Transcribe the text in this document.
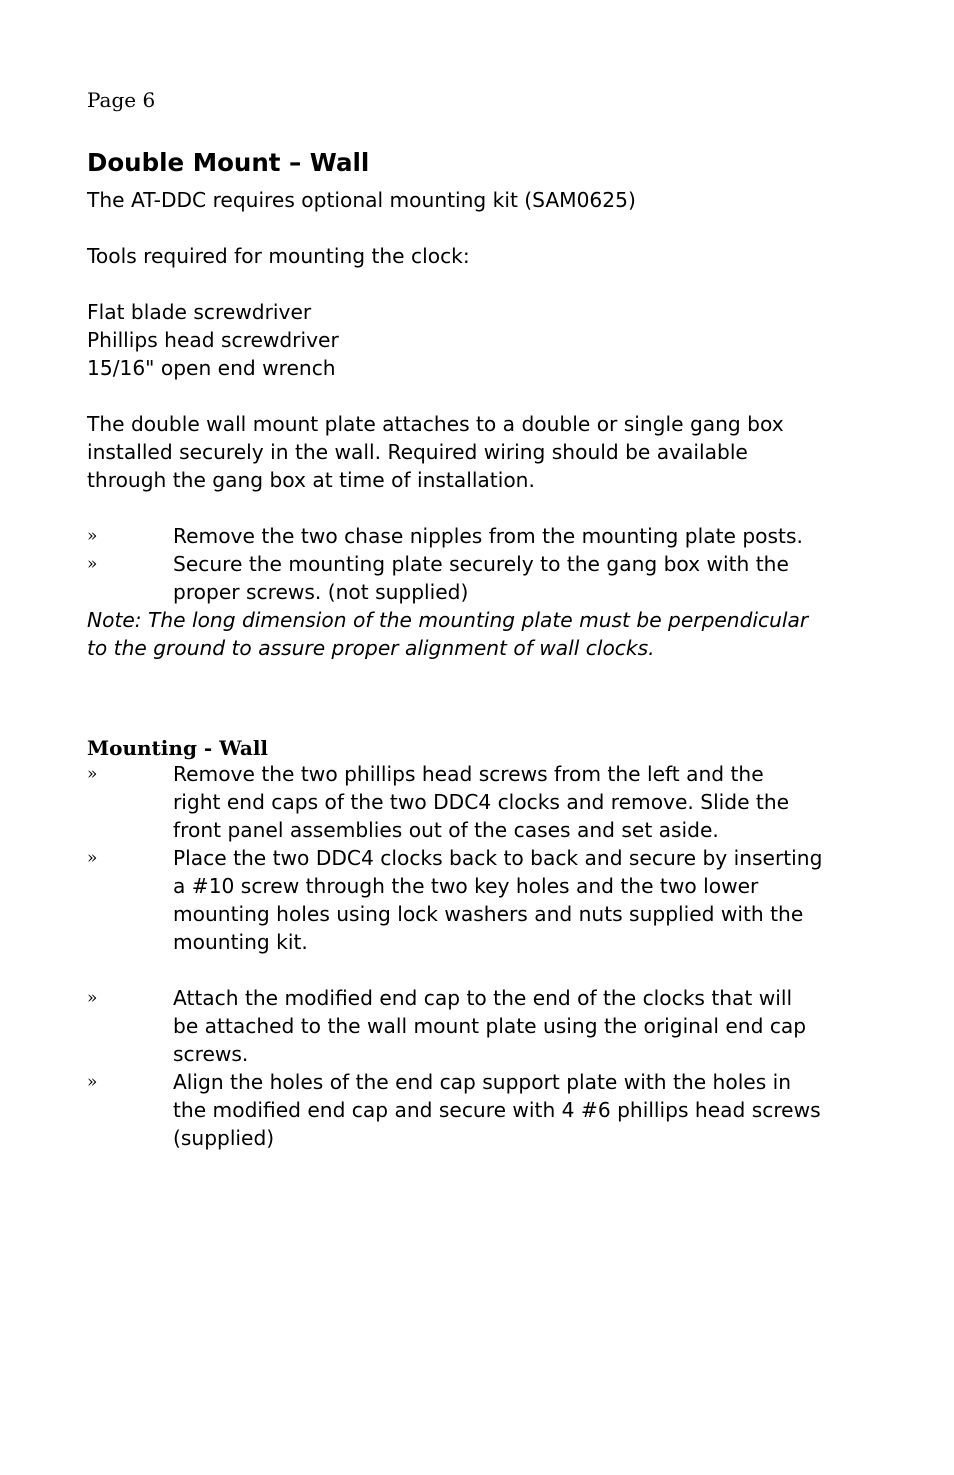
Page 6
Double Mount – Wall
The AT-DDC requires optional mounting kit (SAM0625)
Tools required for mounting the clock:
Flat blade screwdriver
Phillips head screwdriver
15/16" open end wrench
The double wall mount plate attaches to a double or single gang box
installed securely in the wall. Required wiring should be available
through the gang box at time of installation.
»	Remove the two chase nipples from the mounting plate posts.
»	Secure the mounting plate securely to the gang box with the
proper screws. (not supplied)
Note: The long dimension of the mounting plate must be perpendicular
to the ground to assure proper alignment of wall clocks.
Mounting - Wall
»	Remove the two phillips head screws from the left and the
right end caps of the two DDC4 clocks and remove. Slide the
front panel assemblies out of the cases and set aside.
»	Place the two DDC4 clocks back to back and secure by inserting
a #10 screw through the two key holes and the two lower
mounting holes using lock washers and nuts supplied with the
mounting kit.
»	Attach the modified end cap to the end of the clocks that will
be attached to the wall mount plate using the original end cap
screws.
»	Align the holes of the end cap support plate with the holes in
the modified end cap and secure with 4 #6 phillips head screws
(supplied)
